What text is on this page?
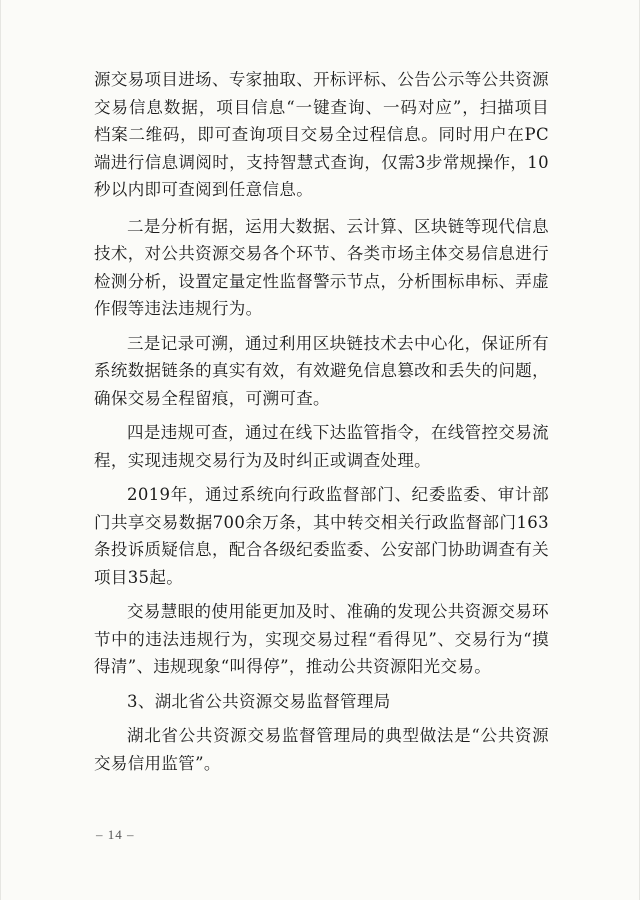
源交易项目进场、专家抽取、开标评标、公告公示等公共资源交易信息数据，项目信息“一键查询、一码对应”，扫描项目档案二维码，即可查询项目交易全过程信息。同时用户在PC端进行信息调阅时，支持智慧式查询，仅需3步常规操作，10秒以内即可查阅到任意信息。

二是分析有据，运用大数据、云计算、区块链等现代信息技术，对公共资源交易各个环节、各类市场主体交易信息进行检测分析，设置定量定性监督警示节点，分析围标串标、弄虚作假等违法违规行为。

三是记录可溯，通过利用区块链技术去中心化，保证所有系统数据链条的真实有效，有效避免信息篡改和丢失的问题，确保交易全程留痕，可溯可查。

四是违规可查，通过在线下达监管指令，在线管控交易流程，实现违规交易行为及时纠正或调查处理。

2019年，通过系统向行政监督部门、纪委监委、审计部门共享交易数据700余万条，其中转交相关行政监督部门163条投诉质疑信息，配合各级纪委监委、公安部门协助调查有关项目35起。

交易慧眼的使用能更加及时、准确的发现公共资源交易环节中的违法违规行为，实现交易过程“看得见”、交易行为“摸得清”、违规现象“叫得停”，推动公共资源阳光交易。

3、湖北省公共资源交易监督管理局

湖北省公共资源交易监督管理局的典型做法是“公共资源交易信用监管”。

– 14 –
